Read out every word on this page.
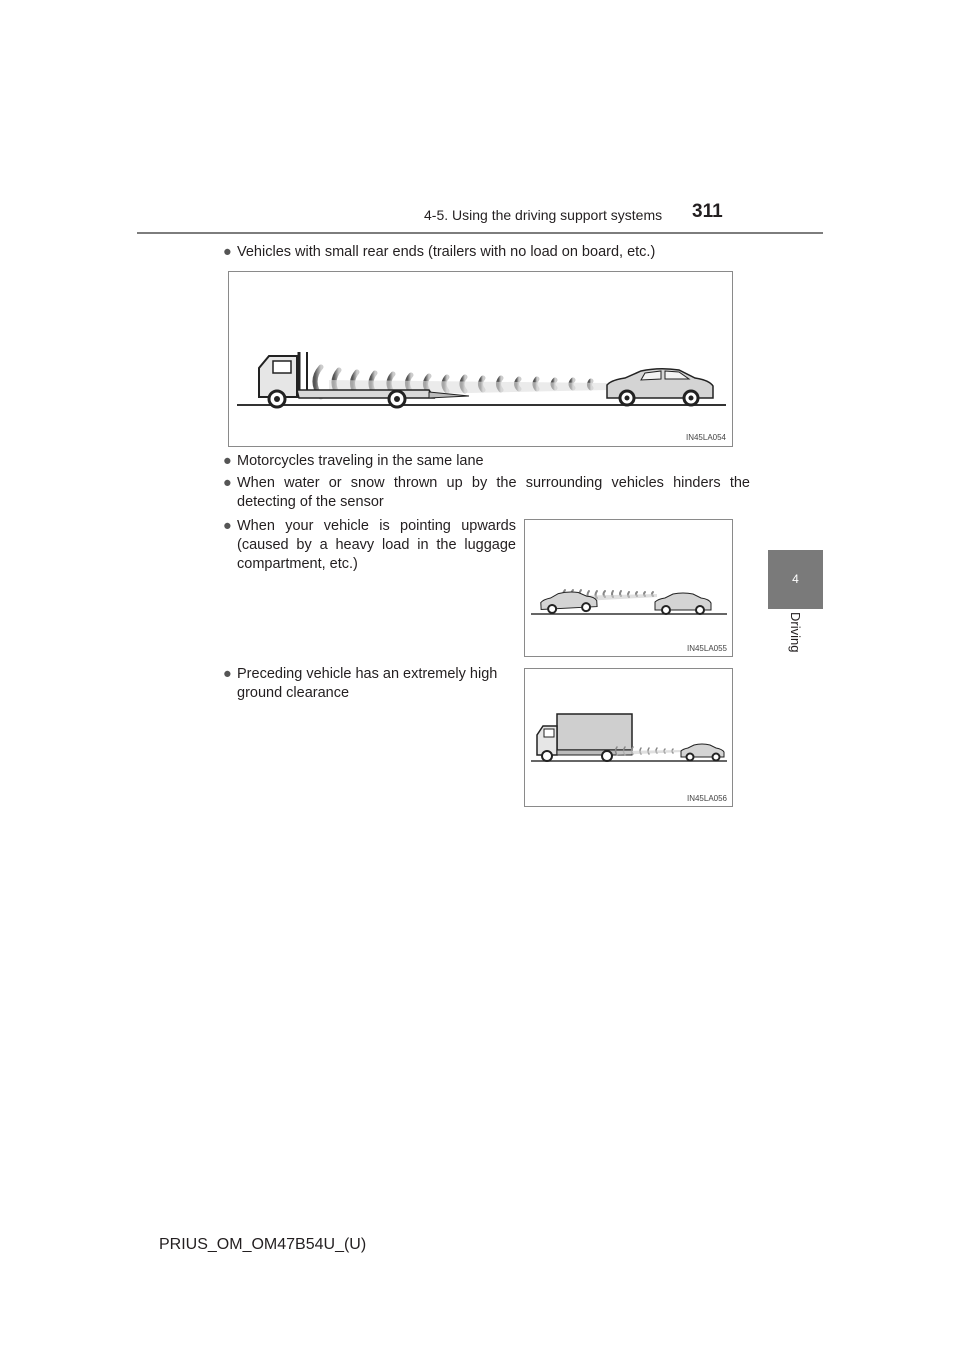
4-5. Using the driving support systems 311
4
Driving
● Vehicles with small rear ends (trailers with no load on board, etc.)
IN45LA054
● Motorcycles traveling in the same lane
● When water or snow thrown up by the surrounding vehicles hinders the detecting of the sensor
● When your vehicle is pointing upwards (caused by a heavy load in the luggage compartment, etc.)
IN45LA055
● Preceding vehicle has an extremely high ground clearance
IN45LA056
PRIUS_OM_OM47B54U_(U)
